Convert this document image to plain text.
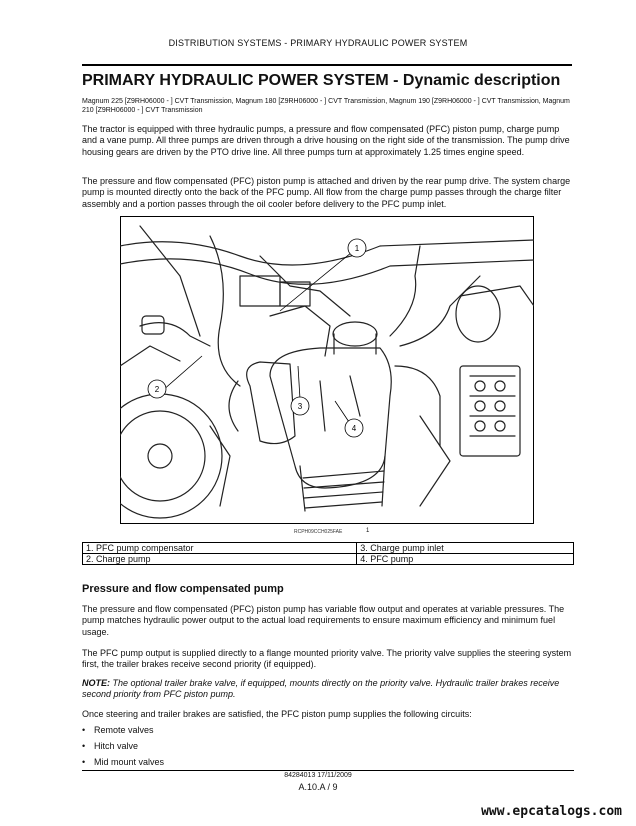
DISTRIBUTION SYSTEMS - PRIMARY HYDRAULIC POWER SYSTEM
PRIMARY HYDRAULIC POWER SYSTEM - Dynamic description
Magnum 225 [Z9RH06000 - ] CVT Transmission, Magnum 180 [Z9RH06000 - ] CVT Transmission, Magnum 190 [Z9RH06000 - ] CVT Transmission, Magnum 210 [Z9RH06000 - ] CVT Transmission

The tractor is equipped with three hydraulic pumps, a pressure and flow compensated (PFC) piston pump, charge pump and a vane pump. All three pumps are driven through a drive housing on the right side of the transmission. The pump drive housing gears are driven by the PTO drive line. All three pumps turn at approximately 1.25 times engine speed.

The pressure and flow compensated (PFC) piston pump is attached and driven by the rear pump drive. The system charge pump is mounted directly onto the back of the PFC pump. All flow from the charge pump passes through the charge filter assembly and a portion passes through the oil cooler before delivery to the PFC pump inlet.

1
2
3
4
RCPH09CCH025FAE	1
1. PFC pump compensator	3. Charge pump inlet
2. Charge pump	4. PFC pump
Pressure and flow compensated pump

The pressure and flow compensated (PFC) piston pump has variable flow output and operates at variable pressures. The pump matches hydraulic power output to the actual load requirements to ensure maximum efficiency and minimum fuel usage.

The PFC pump output is supplied directly to a flange mounted priority valve. The priority valve supplies the steering system first, the trailer brakes receive second priority (if equipped).

NOTE: The optional trailer brake valve, if equipped, mounts directly on the priority valve. Hydraulic trailer brakes receive second priority from PFC piston pump.

Once steering and trailer brakes are satisfied, the PFC piston pump supplies the following circuits:

• Remote valves
• Hitch valve
• Mid mount valves
84284013 17/11/2009
A.10.A / 9
www.epcatalogs.com
